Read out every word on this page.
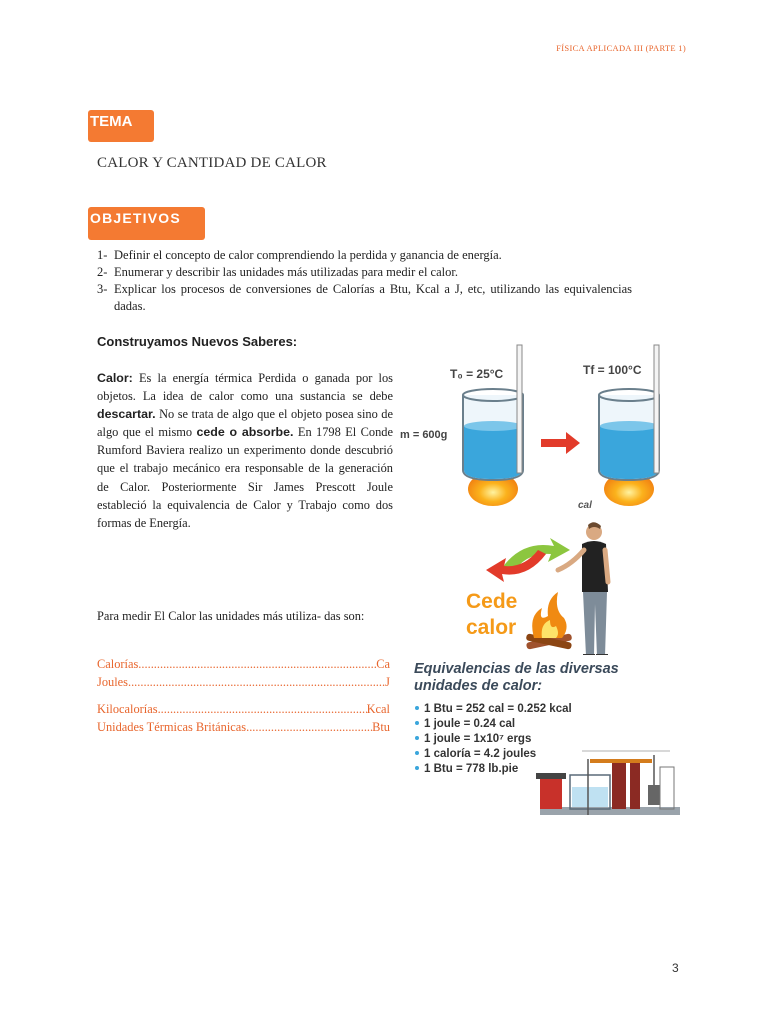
FÍSICA APLICADA III (PARTE 1)
TEMA
CALOR Y CANTIDAD DE CALOR
OBJETIVOS
1- Definir el concepto de calor comprendiendo la perdida y ganancia de energía.
2- Enumerar y describir las unidades más utilizadas para medir el calor.
3- Explicar los procesos de conversiones de Calorías a Btu, Kcal a J, etc, utilizando las equivalencias dadas.
Construyamos Nuevos Saberes:
Calor: Es la energía térmica Perdida o ganada por los objetos. La idea de calor como una sustancia se debe descartar. No se trata de algo que el objeto posea sino de algo que el mismo cede o absorbe. En 1798 El Conde Rumford Baviera realizo un experimento donde descubrió que el trabajo mecánico era responsable de la generación de Calor. Posteriormente Sir James Prescott Joule estableció la equivalencia de Calor y Trabajo como dos formas de Energía.
Para medir El Calor las unidades más utiliza- das son:
Calorías .....	Ca
Joules .....	J
Kilocalorías .....	Kcal
Unidades Térmicas Británicas .....	Btu
T₀ = 25°C	Tf = 100°C
m = 600g
cal
Cede
calor
Equivalencias de las diversas
unidades de calor:
1 Btu = 252 cal = 0.252 kcal
1 joule = 0.24 cal
1 joule = 1x10⁷ ergs
1 caloría = 4.2 joules
1 Btu = 778 lb.pie
3
